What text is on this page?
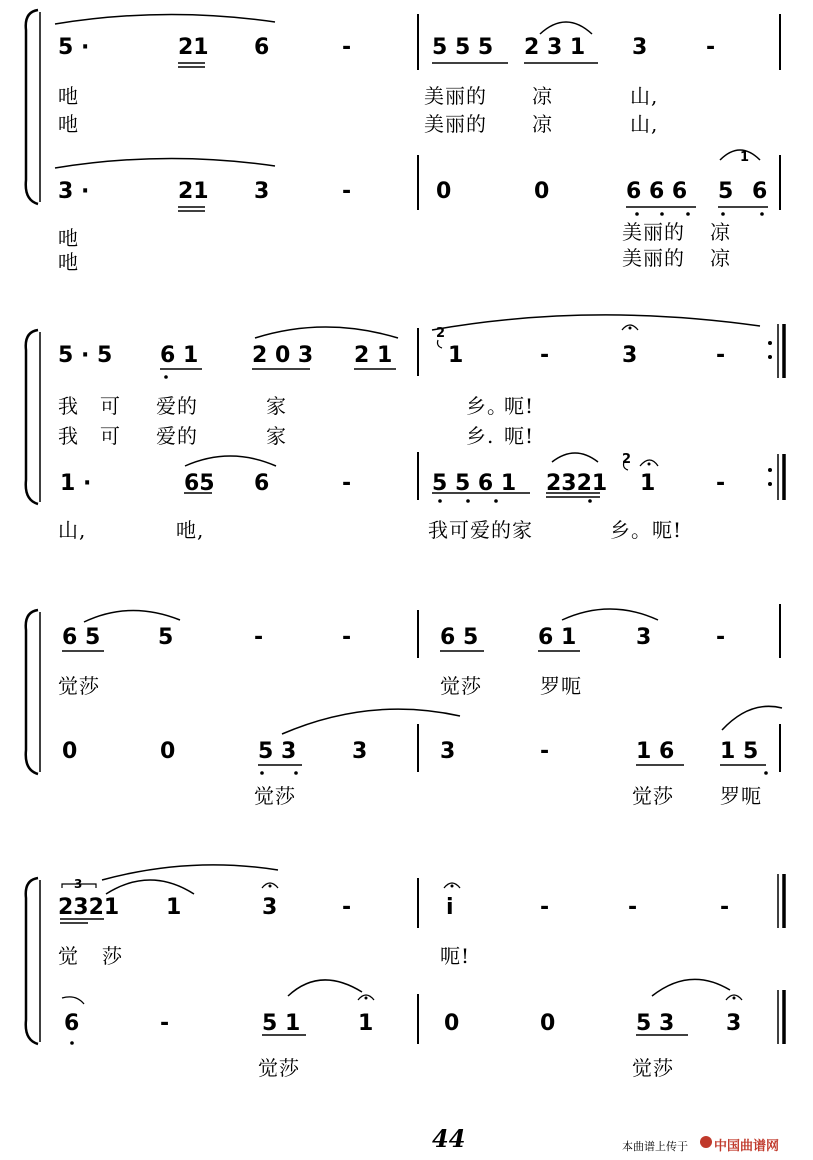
5 ·	21 6	-	5 5 5 2 3 1 3	-
吔	美丽的 凉	山,
吔	美丽的 凉	山,
3 ·	21 3	-	0	0	6 6 6 5 6
1
吔	美丽的 凉
吔	美丽的 凉
5 · 5 6 1 2 0 3 2 1
2
1	-	3	-
我 可 爱的	家	乡。
呃!
我 可 爱的	家	乡. 呃!
1 ·	65 6	-	5 5 6 1 2321
2
1	-
山,	吔,	我可爱的家	乡。呃!
6 5	5	-	-	6 5	6 1	3	-
觉莎	觉莎	罗呃
0	0	5 3	3	3	-	1 6 1 5
觉莎	觉莎 罗呃
3
2321 1	3	-	i	-	-	-
觉 莎	呃!
6	-	5 1	1	0	0	5 3 3
觉莎	觉莎
44	本曲谱上传于 中国曲谱网
